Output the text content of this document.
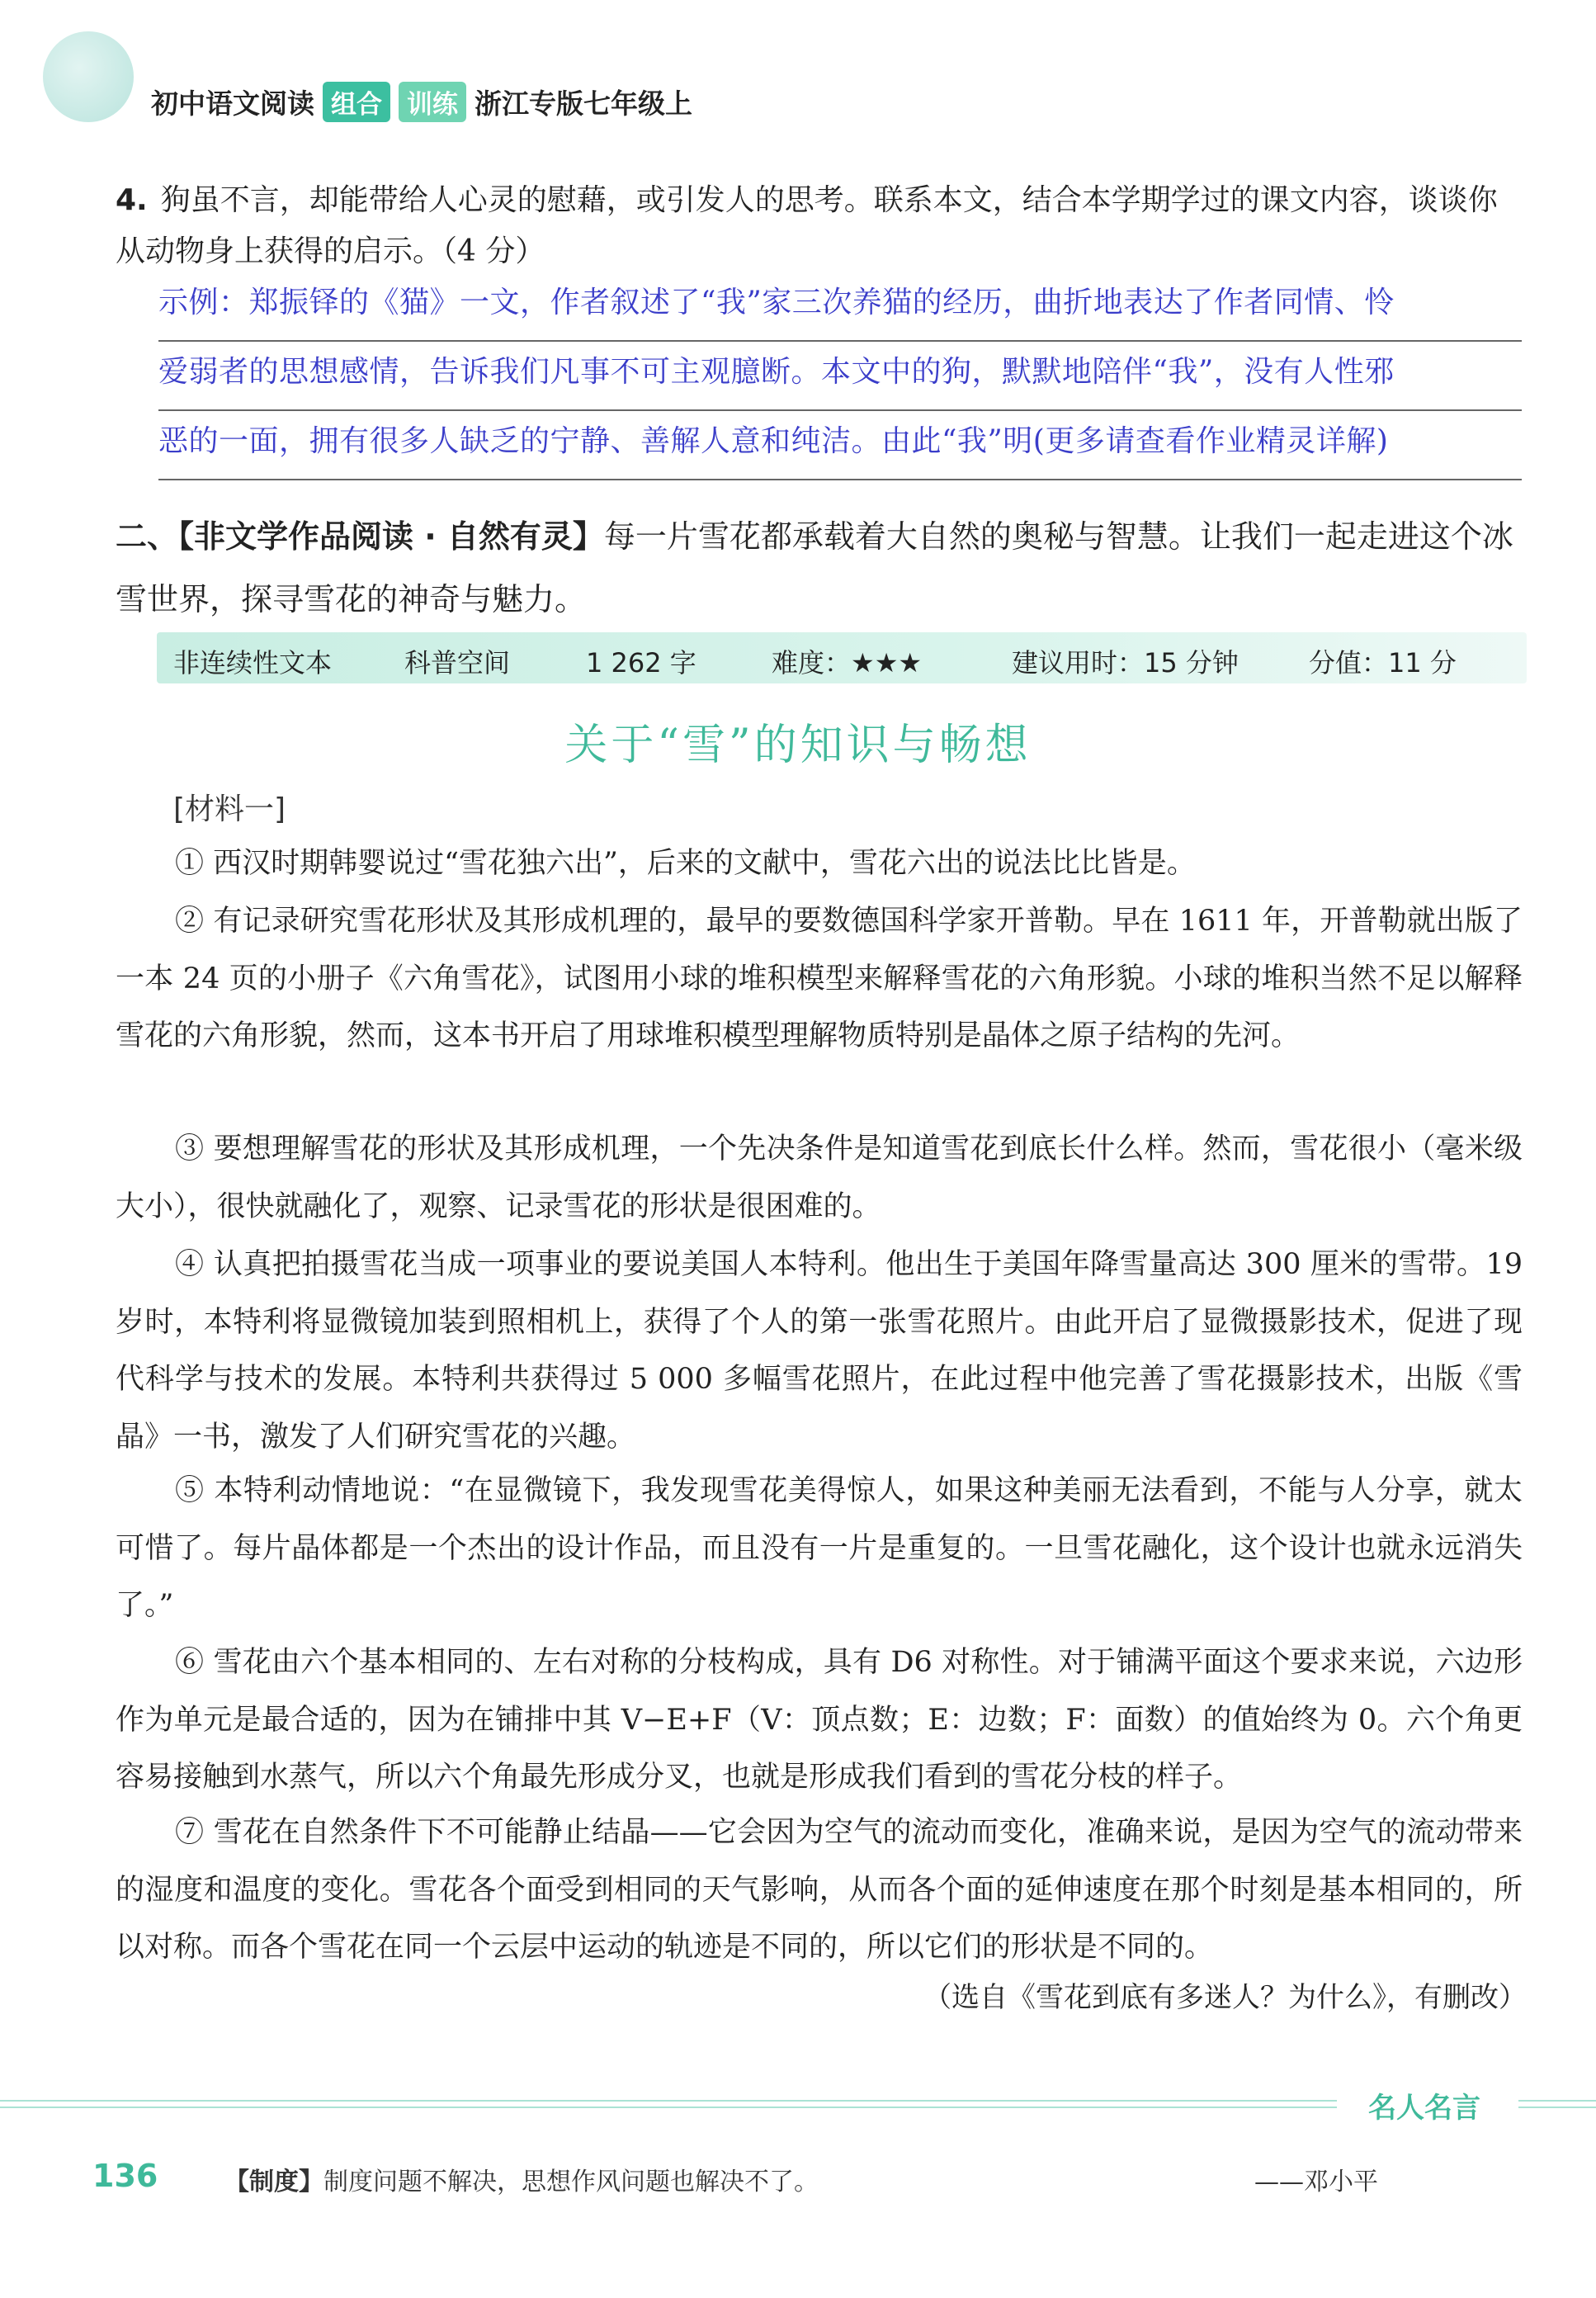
初中语文阅读 组合 训练 浙江专版七年级上
4. 狗虽不言，却能带给人心灵的慰藉，或引发人的思考。联系本文，结合本学期学过的课文内容，谈谈你从动物身上获得的启示。（4 分）
示例：郑振铎的《猫》一文，作者叙述了“我”家三次养猫的经历，曲折地表达了作者同情、怜
爱弱者的思想感情，告诉我们凡事不可主观臆断。本文中的狗，默默地陪伴“我”，没有人性邪
恶的一面，拥有很多人缺乏的宁静、善解人意和纯洁。由此“我”明(更多请查看作业精灵详解)
二、【非文学作品阅读 · 自然有灵】每一片雪花都承载着大自然的奥秘与智慧。让我们一起走进这个冰雪世界，探寻雪花的神奇与魅力。
非连续性文本	科普空间	1 262 字	难度：★★★	建议用时：15 分钟	分值：11 分
关于“雪”的知识与畅想
[材料一]
① 西汉时期韩婴说过“雪花独六出”，后来的文献中，雪花六出的说法比比皆是。
② 有记录研究雪花形状及其形成机理的，最早的要数德国科学家开普勒。早在 1611 年，开普勒就出版了一本 24 页的小册子《六角雪花》，试图用小球的堆积模型来解释雪花的六角形貌。小球的堆积当然不足以解释雪花的六角形貌，然而，这本书开启了用球堆积模型理解物质特别是晶体之原子结构的先河。
③ 要想理解雪花的形状及其形成机理，一个先决条件是知道雪花到底长什么样。然而，雪花很小（毫米级大小），很快就融化了，观察、记录雪花的形状是很困难的。
④ 认真把拍摄雪花当成一项事业的要说美国人本特利。他出生于美国年降雪量高达 300 厘米的雪带。19 岁时，本特利将显微镜加装到照相机上，获得了个人的第一张雪花照片。由此开启了显微摄影技术，促进了现代科学与技术的发展。本特利共获得过 5 000 多幅雪花照片，在此过程中他完善了雪花摄影技术，出版《雪晶》一书，激发了人们研究雪花的兴趣。
⑤ 本特利动情地说：“在显微镜下，我发现雪花美得惊人，如果这种美丽无法看到，不能与人分享，就太可惜了。每片晶体都是一个杰出的设计作品，而且没有一片是重复的。一旦雪花融化，这个设计也就永远消失了。”
⑥ 雪花由六个基本相同的、左右对称的分枝构成，具有 D6 对称性。对于铺满平面这个要求来说，六边形作为单元是最合适的，因为在铺排中其 V−E+F（V：顶点数；E：边数；F：面数）的值始终为 0。六个角更容易接触到水蒸气，所以六个角最先形成分叉，也就是形成我们看到的雪花分枝的样子。
⑦ 雪花在自然条件下不可能静止结晶——它会因为空气的流动而变化，准确来说，是因为空气的流动带来的湿度和温度的变化。雪花各个面受到相同的天气影响，从而各个面的延伸速度在那个时刻是基本相同的，所以对称。而各个雪花在同一个云层中运动的轨迹是不同的，所以它们的形状是不同的。
（选自《雪花到底有多迷人？为什么》，有删改）
名人名言
136	【制度】制度问题不解决，思想作风问题也解决不了。	——邓小平
